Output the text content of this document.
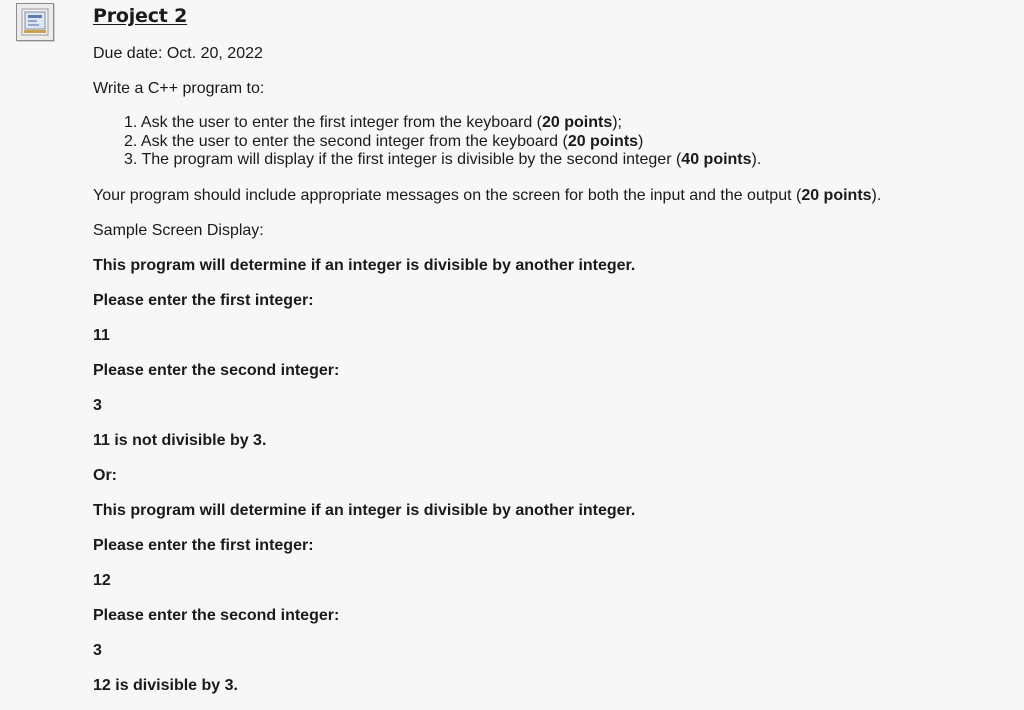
Project 2
Due date: Oct. 20, 2022
Write a C++ program to:
1. Ask the user to enter the first integer from the keyboard (20 points);
2. Ask the user to enter the second integer from the keyboard (20 points)
3. The program will display if the first integer is divisible by the second integer (40 points).
Your program should include appropriate messages on the screen for both the input and the output (20 points).
Sample Screen Display:
This program will determine if an integer is divisible by another integer.
Please enter the first integer:
11
Please enter the second integer:
3
11 is not divisible by 3.
Or:
This program will determine if an integer is divisible by another integer.
Please enter the first integer:
12
Please enter the second integer:
3
12 is divisible by 3.
